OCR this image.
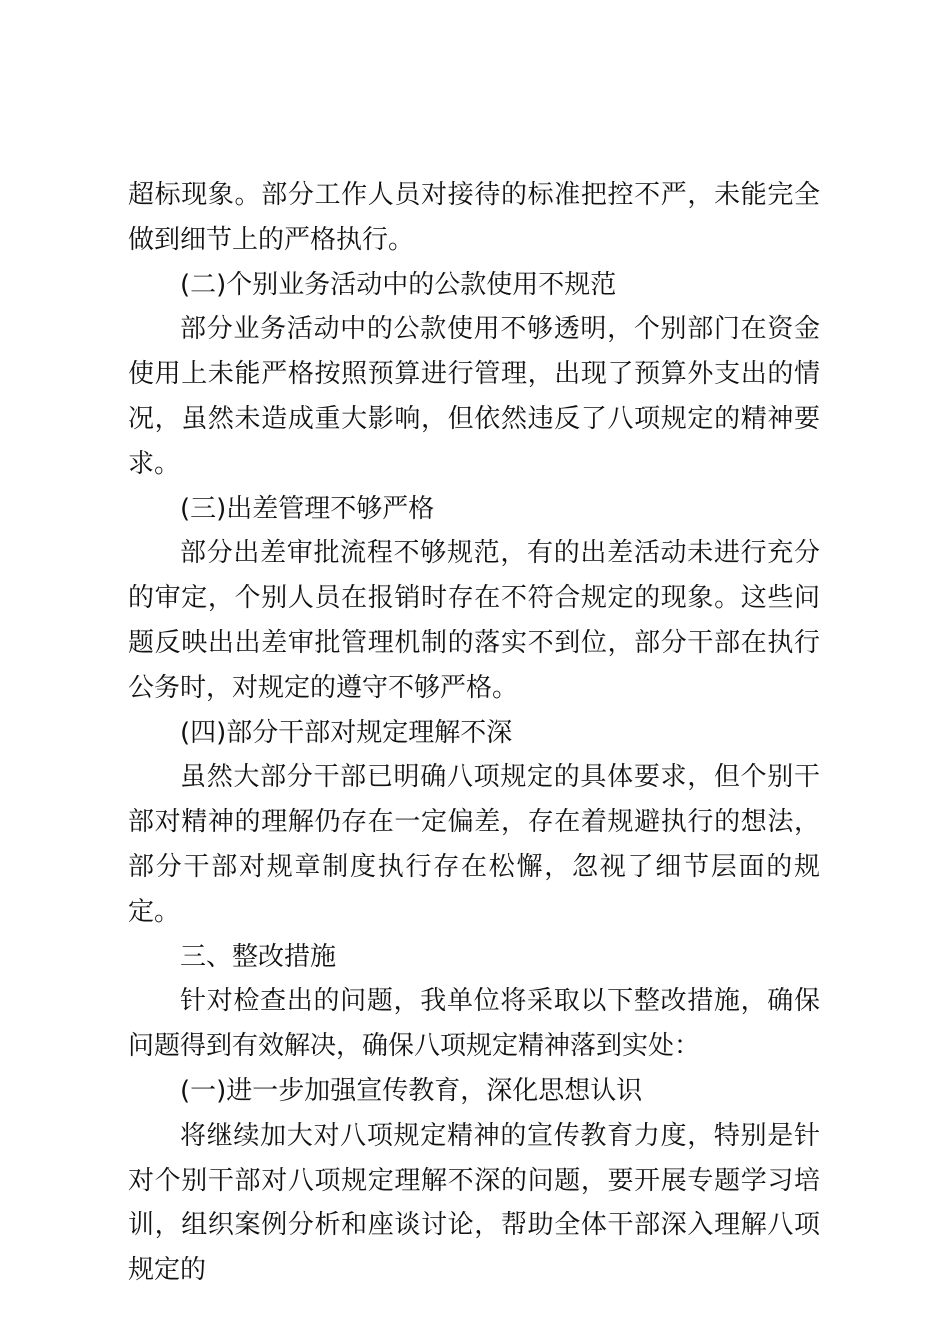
超标现象。部分工作人员对接待的标准把控不严，未能完全做到细节上的严格执行。

(二)个别业务活动中的公款使用不规范

部分业务活动中的公款使用不够透明，个别部门在资金使用上未能严格按照预算进行管理，出现了预算外支出的情况，虽然未造成重大影响，但依然违反了八项规定的精神要求。

(三)出差管理不够严格

部分出差审批流程不够规范，有的出差活动未进行充分的审定，个别人员在报销时存在不符合规定的现象。这些问题反映出出差审批管理机制的落实不到位，部分干部在执行公务时，对规定的遵守不够严格。

(四)部分干部对规定理解不深

虽然大部分干部已明确八项规定的具体要求，但个别干部对精神的理解仍存在一定偏差，存在着规避执行的想法，部分干部对规章制度执行存在松懈，忽视了细节层面的规定。

三、整改措施

针对检查出的问题，我单位将采取以下整改措施，确保问题得到有效解决，确保八项规定精神落到实处：

(一)进一步加强宣传教育，深化思想认识

将继续加大对八项规定精神的宣传教育力度，特别是针对个别干部对八项规定理解不深的问题，要开展专题学习培训，组织案例分析和座谈讨论，帮助全体干部深入理解八项规定的
